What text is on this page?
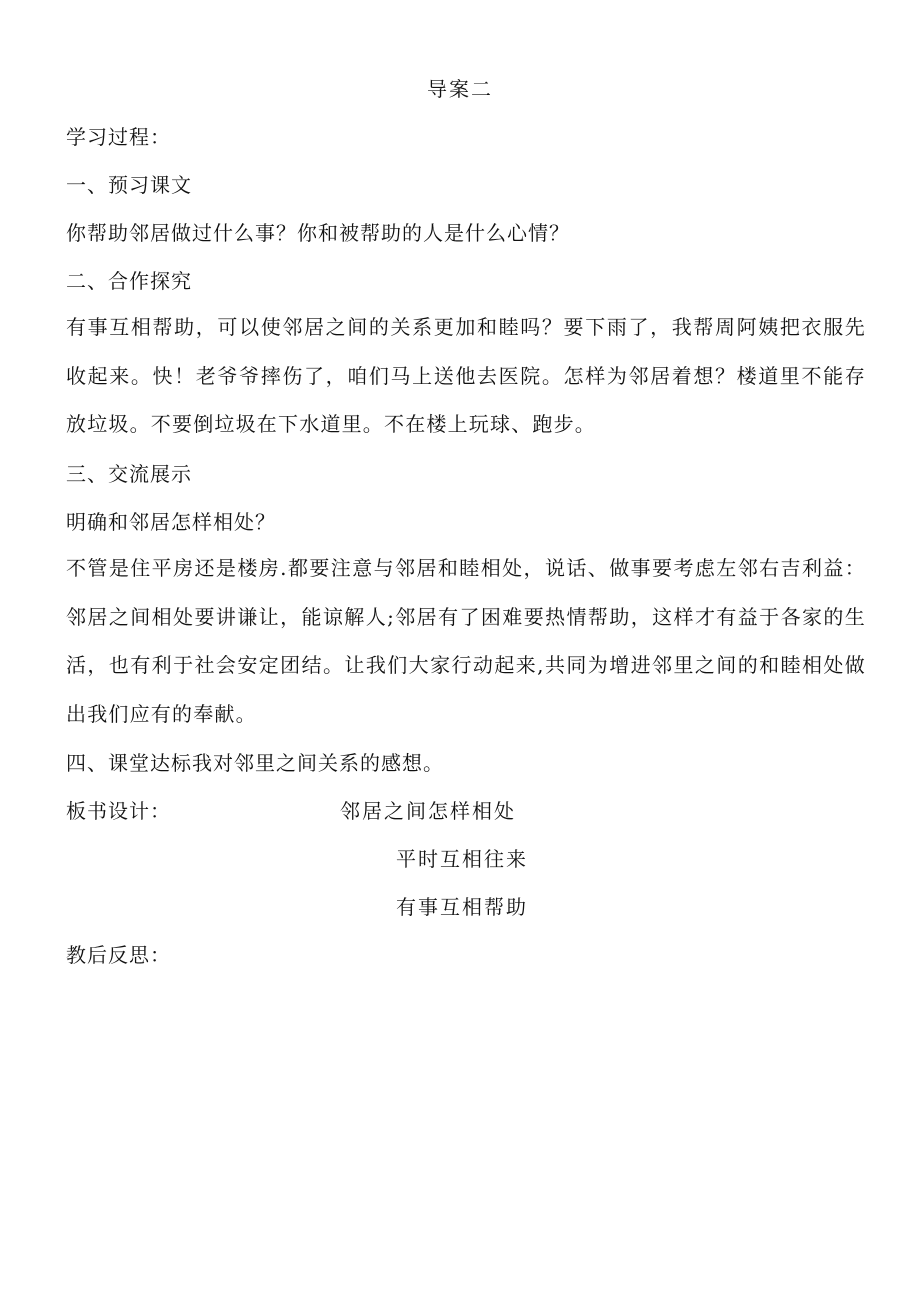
导案二
学习过程：
一、预习课文
你帮助邻居做过什么事？你和被帮助的人是什么心情？
二、合作探究
有事互相帮助，可以使邻居之间的关系更加和睦吗？要下雨了，我帮周阿姨把衣服先收起来。快！老爷爷摔伤了，咱们马上送他去医院。怎样为邻居着想？楼道里不能存放垃圾。不要倒垃圾在下水道里。不在楼上玩球、跑步。
三、交流展示
明确和邻居怎样相处？
不管是住平房还是楼房.都要注意与邻居和睦相处，说话、做事要考虑左邻右吉利益：邻居之间相处要讲谦让，能谅解人;邻居有了困难要热情帮助，这样才有益于各家的生活，也有利于社会安定团结。让我们大家行动起来,共同为增进邻里之间的和睦相处做出我们应有的奉献。
四、课堂达标我对邻里之间关系的感想。
板书设计：	邻居之间怎样相处
平时互相往来
有事互相帮助
教后反思：
